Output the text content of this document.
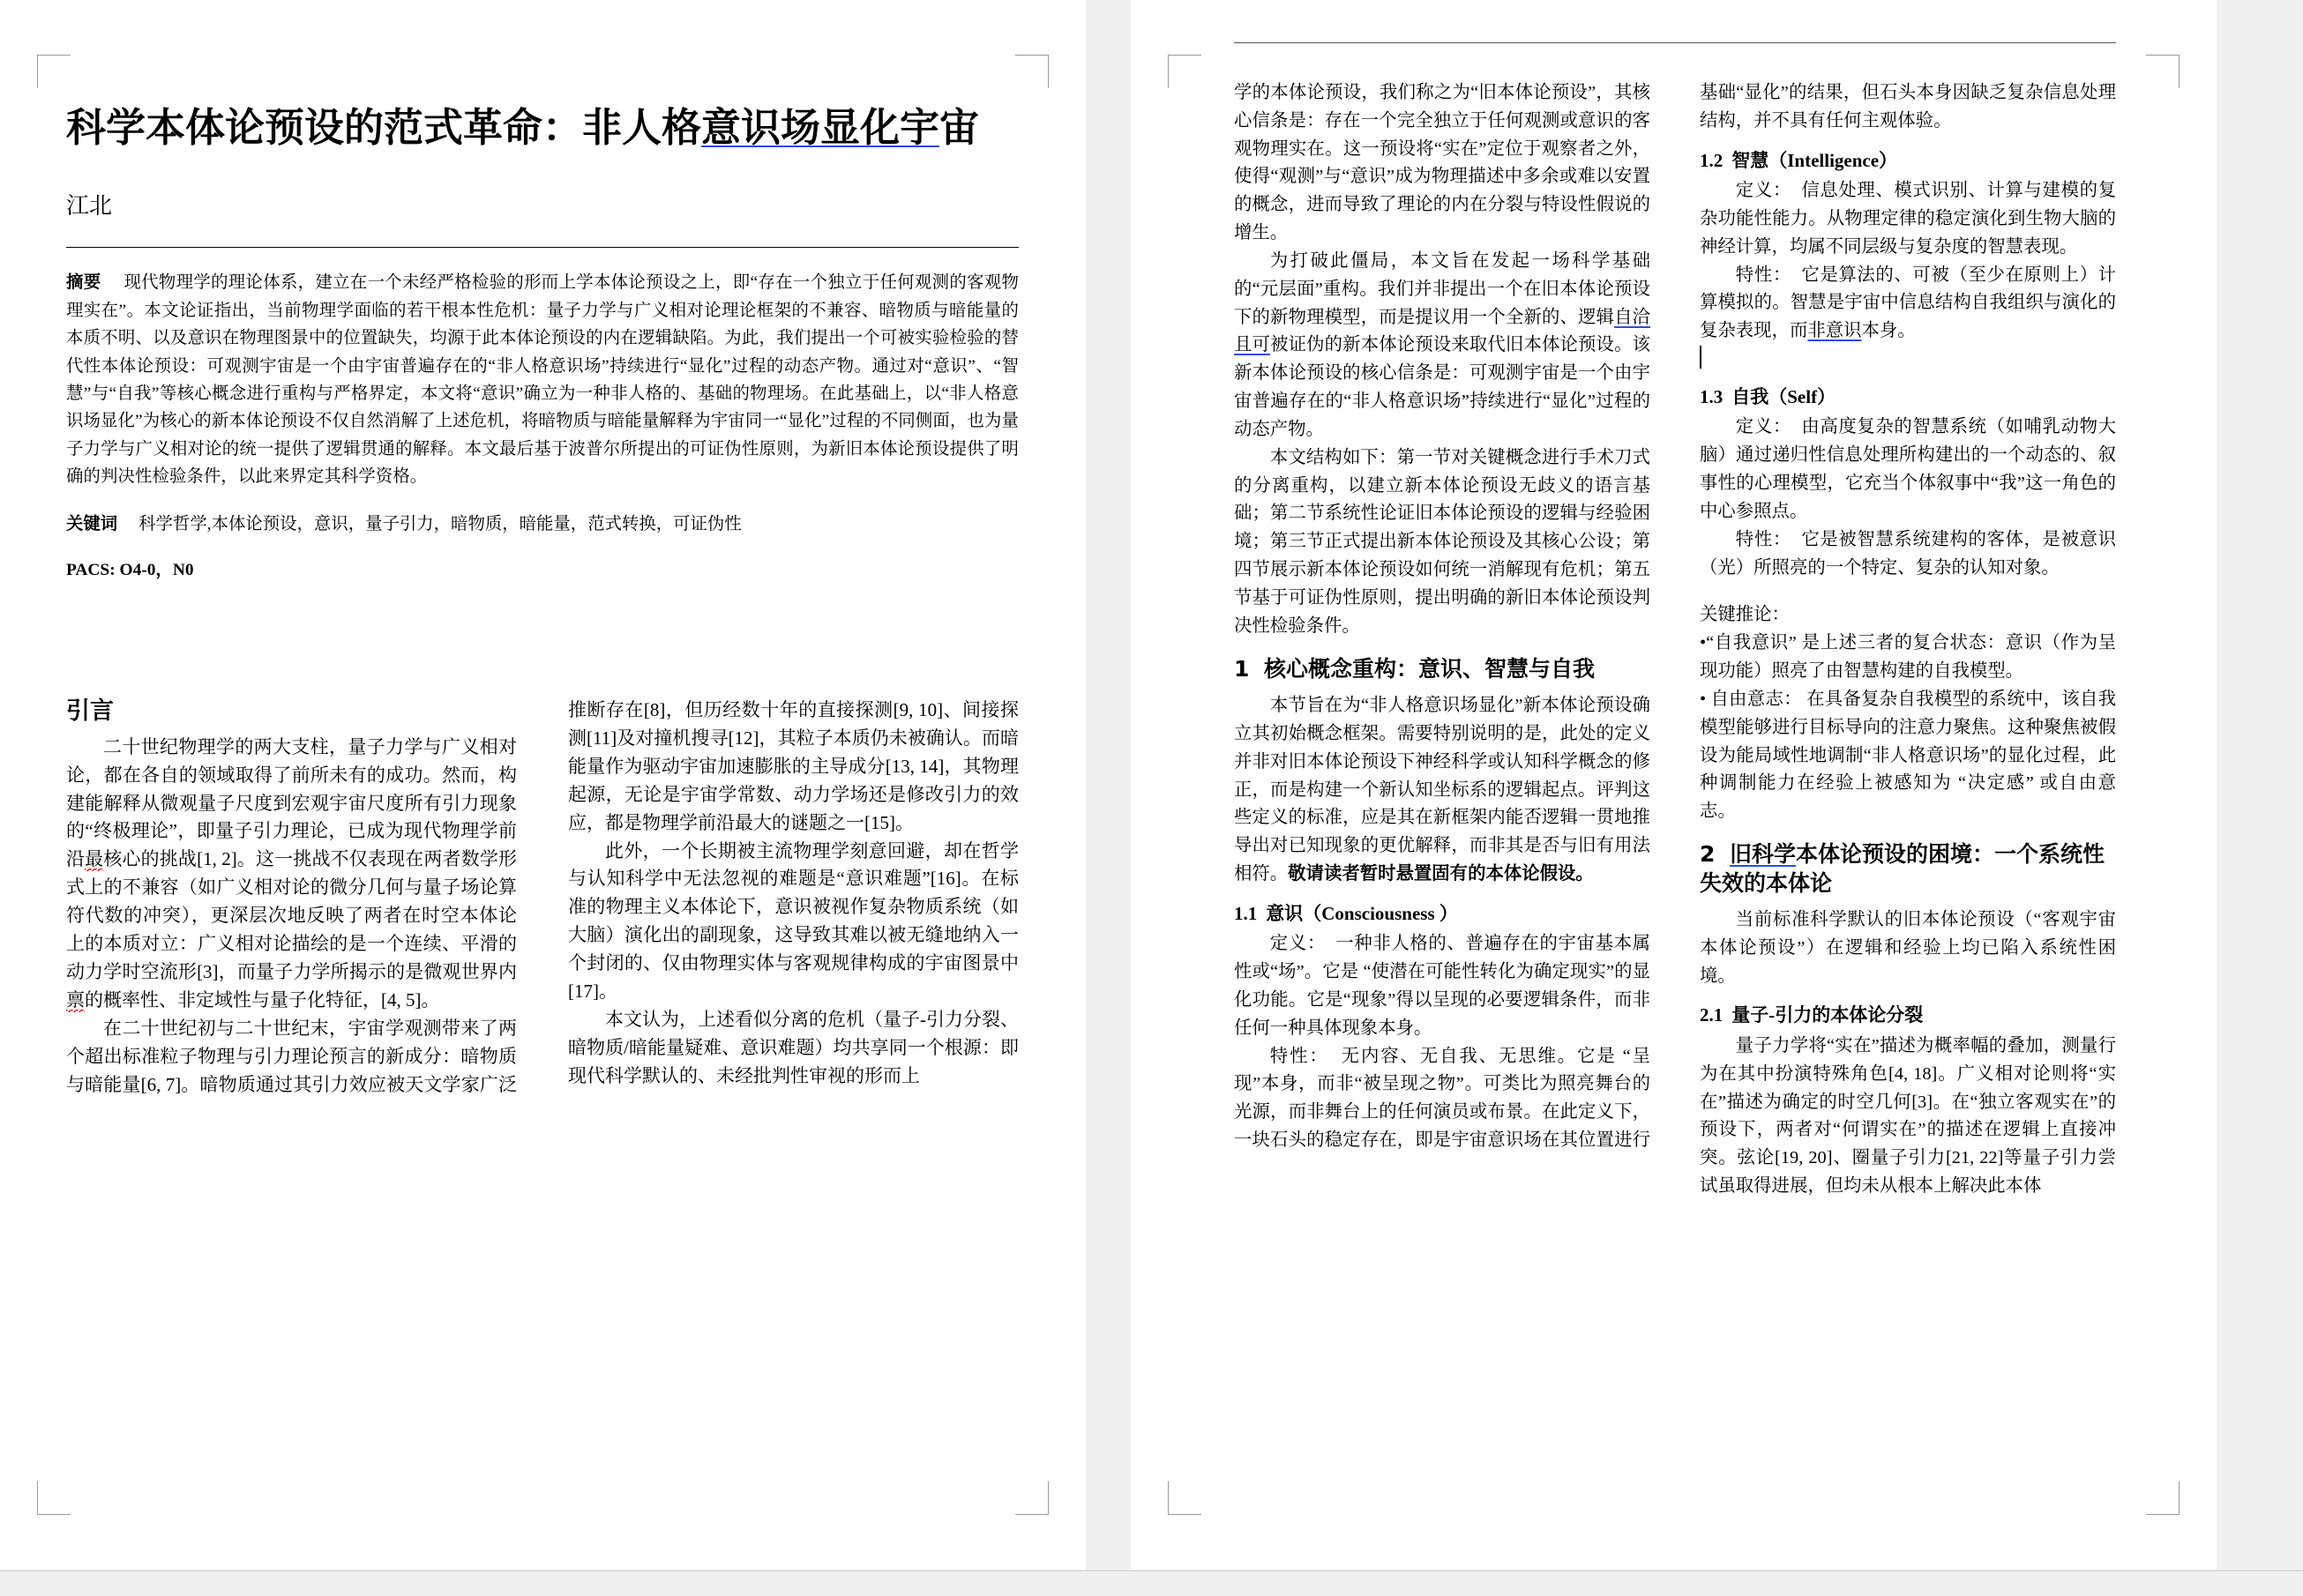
科学本体论预设的范式革命：非人格意识场显化宇宙
江北
摘要 现代物理学的理论体系，建立在一个未经严格检验的形而上学本体论预设之上，即“存在一个独立于任何观测的客观物理实在”。本文论证指出，当前物理学面临的若干根本性危机：量子力学与广义相对论理论框架的不兼容、暗物质与暗能量的本质不明、以及意识在物理图景中的位置缺失，均源于此本体论预设的内在逻辑缺陷。为此，我们提出一个可被实验检验的替代性本体论预设：可观测宇宙是一个由宇宙普遍存在的“非人格意识场”持续进行“显化”过程的动态产物。通过对“意识”、“智慧”与“自我”等核心概念进行重构与严格界定，本文将“意识”确立为一种非人格的、基础的物理场。在此基础上，以“非人格意识场显化”为核心的新本体论预设不仅自然消解了上述危机，将暗物质与暗能量解释为宇宙同一“显化”过程的不同侧面，也为量子力学与广义相对论的统一提供了逻辑贯通的解释。本文最后基于波普尔所提出的可证伪性原则，为新旧本体论预设提供了明确的判决性检验条件，以此来界定其科学资格。
关键词 科学哲学,本体论预设，意识，量子引力，暗物质，暗能量，范式转换，可证伪性
PACS: O4-0，N0
引言

二十世纪物理学的两大支柱，量子力学与广义相对论，都在各自的领域取得了前所未有的成功。然而，构建能解释从微观量子尺度到宏观宇宙尺度所有引力现象的“终极理论”，即量子引力理论，已成为现代物理学前沿最核心的挑战[1, 2]。这一挑战不仅表现在两者数学形式上的不兼容（如广义相对论的微分几何与量子场论算符代数的冲突），更深层次地反映了两者在时空本体论上的本质对立：广义相对论描绘的是一个连续、平滑的动力学时空流形[3]，而量子力学所揭示的是微观世界内禀的概率性、非定域性与量子化特征，[4, 5]。

在二十世纪初与二十世纪末，宇宙学观测带来了两个超出标准粒子物理与引力理论预言的新成分：暗物质与暗能量[6, 7]。暗物质通过其引力效应被天文学家广泛推断存在[8]，但历经数十年的直接探测[9, 10]、间接探测[11]及对撞机搜寻[12]，其粒子本质仍未被确认。而暗能量作为驱动宇宙加速膨胀的主导成分[13, 14]，其物理起源，无论是宇宙学常数、动力学场还是修改引力的效应，都是物理学前沿最大的谜题之一[15]。

此外，一个长期被主流物理学刻意回避，却在哲学与认知科学中无法忽视的难题是“意识难题”[16]。在标准的物理主义本体论下，意识被视作复杂物质系统（如大脑）演化出的副现象，这导致其难以被无缝地纳入一个封闭的、仅由物理实体与客观规律构成的宇宙图景中[17]。

本文认为，上述看似分离的危机（量子-引力分裂、暗物质/暗能量疑难、意识难题）均共享同一个根源：即现代科学默认的、未经批判性审视的形而上

学的本体论预设，我们称之为“旧本体论预设”，其核心信条是：存在一个完全独立于任何观测或意识的客观物理实在。这一预设将“实在”定位于观察者之外，使得“观测”与“意识”成为物理描述中多余或难以安置的概念，进而导致了理论的内在分裂与特设性假说的增生。

为打破此僵局，本文旨在发起一场科学基础的“元层面”重构。我们并非提出一个在旧本体论预设下的新物理模型，而是提议用一个全新的、逻辑自洽且可被证伪的新本体论预设来取代旧本体论预设。该新本体论预设的核心信条是：可观测宇宙是一个由宇宙普遍存在的“非人格意识场”持续进行“显化”过程的动态产物。

本文结构如下：第一节对关键概念进行手术刀式的分离重构，以建立新本体论预设无歧义的语言基础；第二节系统性论证旧本体论预设的逻辑与经验困境；第三节正式提出新本体论预设及其核心公设；第四节展示新本体论预设如何统一消解现有危机；第五节基于可证伪性原则，提出明确的新旧本体论预设判决性检验条件。

1 核心概念重构：意识、智慧与自我

本节旨在为“非人格意识场显化”新本体论预设确立其初始概念框架。需要特别说明的是，此处的定义并非对旧本体论预设下神经科学或认知科学概念的修正，而是构建一个新认知坐标系的逻辑起点。评判这些定义的标准，应是其在新框架内能否逻辑一贯地推导出对已知现象的更优解释，而非其是否与旧有用法相符。敬请读者暂时悬置固有的本体论假设。

1.1 意识（Consciousness ）

定义： 一种非人格的、普遍存在的宇宙基本属性或“场”。它是 “使潜在可能性转化为确定现实”的显化功能。它是“现象”得以呈现的必要逻辑条件，而非任何一种具体现象本身。

特性： 无内容、无自我、无思维。它是 “呈现”本身，而非“被呈现之物”。可类比为照亮舞台的光源，而非舞台上的任何演员或布景。在此定义下，一块石头的稳定存在，即是宇宙意识场在其位置进行基础“显化”的结果，但石头本身因缺乏复杂信息处理结构，并不具有任何主观体验。

1.2 智慧（Intelligence）

定义： 信息处理、模式识别、计算与建模的复杂功能性能力。从物理定律的稳定演化到生物大脑的神经计算，均属不同层级与复杂度的智慧表现。

特性： 它是算法的、可被（至少在原则上）计算模拟的。智慧是宇宙中信息结构自我组织与演化的复杂表现，而非意识本身。

1.3 自我（Self）

定义： 由高度复杂的智慧系统（如哺乳动物大脑）通过递归性信息处理所构建出的一个动态的、叙事性的心理模型，它充当个体叙事中“我”这一角色的中心参照点。

特性： 它是被智慧系统建构的客体，是被意识（光）所照亮的一个特定、复杂的认知对象。

关键推论：

•“自我意识” 是上述三者的复合状态：意识（作为呈现功能）照亮了由智慧构建的自我模型。

• 自由意志： 在具备复杂自我模型的系统中，该自我模型能够进行目标导向的注意力聚焦。这种聚焦被假设为能局域性地调制“非人格意识场”的显化过程，此种调制能力在经验上被感知为 “决定感” 或自由意志。

2 旧科学本体论预设的困境：一个系统性失效的本体论

当前标准科学默认的旧本体论预设（“客观宇宙本体论预设”）在逻辑和经验上均已陷入系统性困境。

2.1 量子-引力的本体论分裂

量子力学将“实在”描述为概率幅的叠加，测量行为在其中扮演特殊角色[4, 18]。广义相对论则将“实在”描述为确定的时空几何[3]。在“独立客观实在”的预设下，两者对“何谓实在”的描述在逻辑上直接冲突。弦论[19, 20]、圈量子引力[21, 22]等量子引力尝试虽取得进展，但均未从根本上解决此本体
